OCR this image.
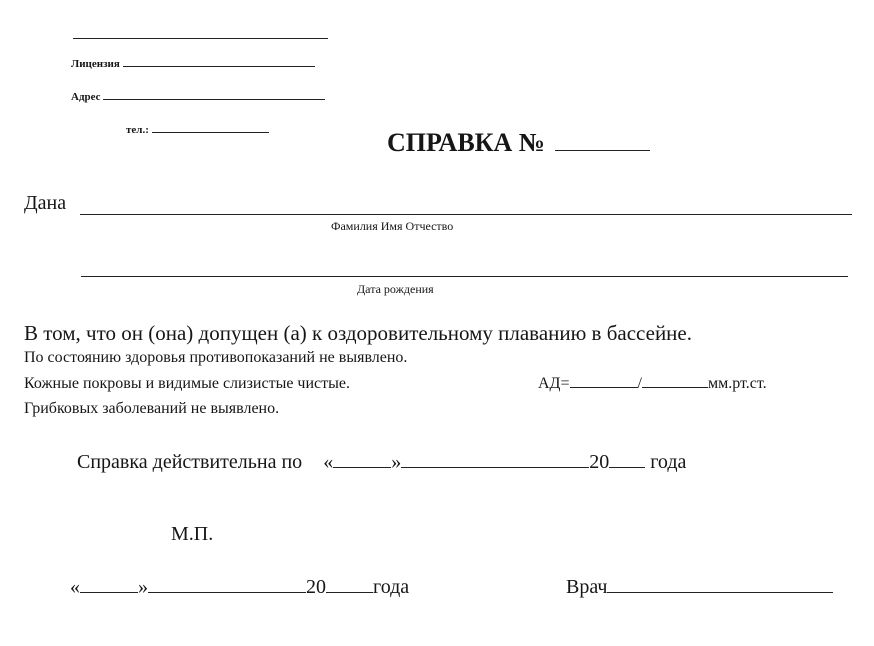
Лицензия
Адрес
тел.:	СПРАВКА №
Дана
Фамилия Имя Отчество
Дата рождения
В том, что он (она) допущен (а) к оздоровительному плаванию в бассейне.
По состоянию здоровья противопоказаний не выявлено.
Кожные покровы и видимые слизистые чистые.	АД=	/	мм.рт.ст.
Грибковых заболеваний не выявлено.
Справка действительна по «	»	20 года
М.П.
«	»	20 года	Врач
